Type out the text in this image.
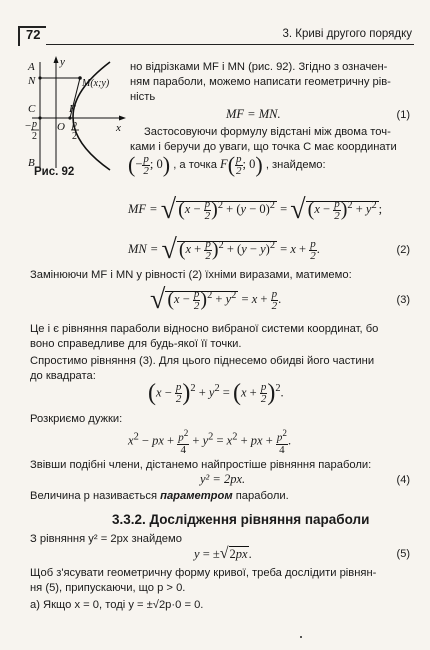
72	3. Криві другого порядку
y
x
A
N	M(x;y)
C	F
O
B
− p
2
p
2
Рис. 92
но відрізками MF і MN (рис. 92). Згідно з означен-
ням параболи, можемо написати геометричну рів-
ність
MF = MN.	(1)
Застосовуючи формулу відстані між двома точ-
ками і беручи до уваги, що точка C має координати
(− $\frac{p}{2}$ ; 0) , а точка $F( \frac{p}{2}$ ; 0) , знайдемо:
MF = √ $(x - \frac{p}{2} )^2 + (y - 0)^2$ = √ $(x - \frac{p}{2} )^2 + y^2$ ;
MN = √ $(x + \frac{p}{2} )^2 + (y - y)^2 = x + \frac{p}{2}$ .	(2)
Замінюючи MF і MN у рівності (2) їхніми виразами, матимемо:
√ $(x - \frac{p}{2} )^2 + y^2 = x + \frac{p}{2}$ .	(3)
Це і є рівняння параболи відносно вибраної системи координат, бо
воно справедливе для будь-якої її точки.
Спростимо рівняння (3). Для цього піднесемо обидві його частини
до квадрата:
$(x - \frac{p}{2} )^2 + y^2 = (x + \frac{p}{2} )^2$.
Розкриємо дужки:
$x^2$ − px + $\frac{p^2}{4} + y^2 = x^2$ + px + $\frac{p^2}{4}$ .
Звівши подібні члени, дістанемо найпростіше рівняння параболи:
y² = 2px.	(4)
Величина p називається параметром параболи.
3.3.2. Дослідження рівняння параболи
З рівняння y² = 2px знайдемо
y = ±√2px.	(5)
Щоб з'ясувати геометричну форму кривої, треба дослідити рівнян-
ня (5), припускаючи, що p > 0.
а) Якщо x = 0, тоді y = ±√2p·0 = 0.
